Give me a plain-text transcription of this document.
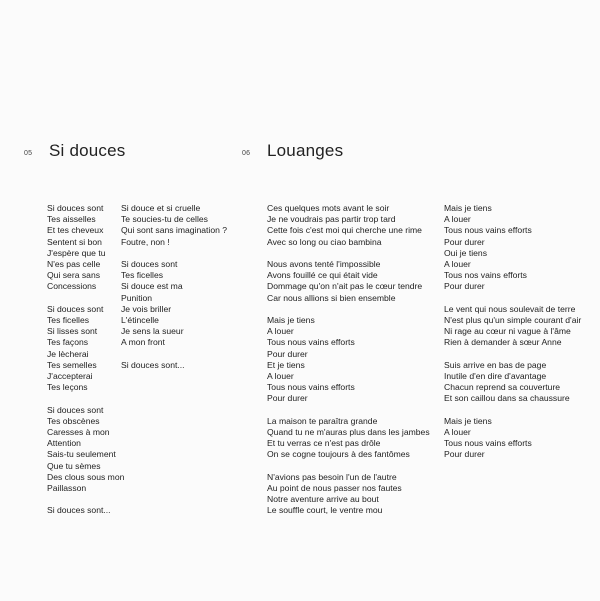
05 Si douces
Si douces sont
Tes aisselles
Et tes cheveux
Sentent si bon
J'espère que tu
N'es pas celle
Qui sera sans
Concessions
Si douces sont
Tes ficelles
Si lisses sont
Tes façons
Je lècherai
Tes semelles
J'accepterai
Tes leçons
Si douces sont
Tes obscènes
Caresses à mon
Attention
Sais-tu seulement
Que tu sèmes
Des clous sous mon
Paillasson
Si douces sont...
Si douce et si cruelle
Te soucies-tu de celles
Qui sont sans imagination ?
Foutre, non !
Si douces sont
Tes ficelles
Si douce est ma
Punition
Je vois briller
L'étincelle
Je sens la sueur
A mon front
Si douces sont...
06 Louanges
Ces quelques mots avant le soir
Je ne voudrais pas partir trop tard
Cette fois c'est moi qui cherche une rime
Avec so long ou ciao bambina
Nous avons tenté l'impossible
Avons fouillé ce qui était vide
Dommage qu'on n'ait pas le cœur tendre
Car nous allions si bien ensemble
Mais je tiens
A louer
Tous nous vains efforts
Pour durer
Et je tiens
A louer
Tous nous vains efforts
Pour durer
La maison te paraîtra grande
Quand tu ne m'auras plus dans les jambes
Et tu verras ce n'est pas drôle
On se cogne toujours à des fantômes
N'avions pas besoin l'un de l'autre
Au point de nous passer nos fautes
Notre aventure arrive au bout
Le souffle court, le ventre mou
Mais je tiens
A louer
Tous nous vains efforts
Pour durer
Oui je tiens
A louer
Tous nos vains efforts
Pour durer
Le vent qui nous soulevait de terre
N'est plus qu'un simple courant d'air
Ni rage au cœur ni vague à l'âme
Rien à demander à sœur Anne
Suis arrive en bas de page
Inutile d'en dire d'avantage
Chacun reprend sa couverture
Et son caillou dans sa chaussure
Mais je tiens
A louer
Tous nous vains efforts
Pour durer
